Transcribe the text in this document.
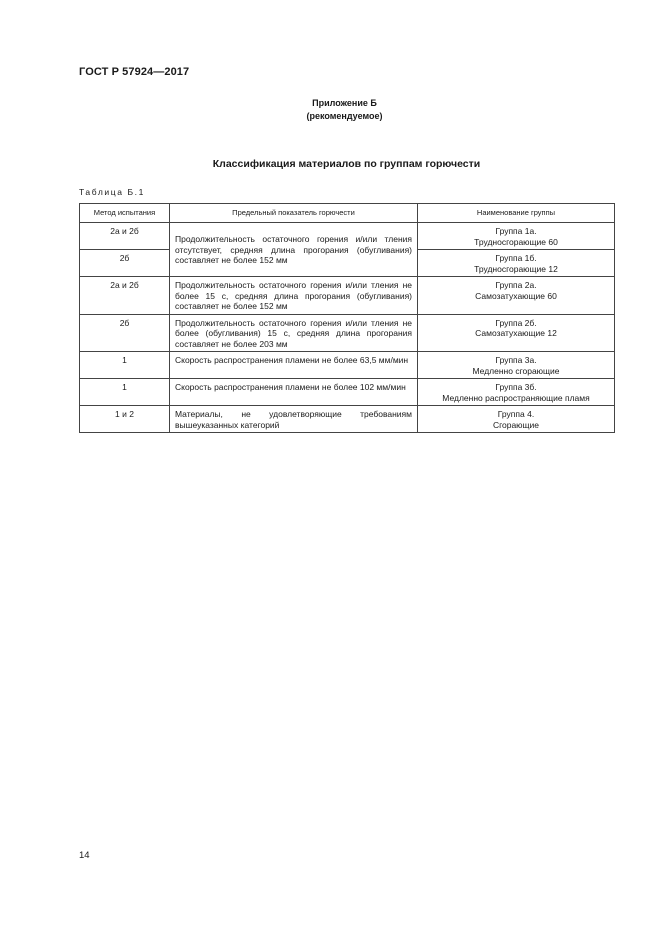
ГОСТ Р 57924—2017
Приложение Б
(рекомендуемое)
Классификация материалов по группам горючести
Таблица Б.1
Метод испытания	Предельный показатель горючести	Наименование группы
2а и 2б	Продолжительность остаточного горения и/или тления отсутствует, средняя длина прогорания (обугливания) составляет не более 152 мм	Группа 1а.
Трудносгорающие 60

2б		Группа 1б.
Трудносгорающие 12

2а и 2б	Продолжительность остаточного горения и/или тления не более 15 с, средняя длина прогорания (обугливания) составляет не более 152 мм	Группа 2а.
Самозатухающие 60

2б	Продолжительность остаточного горения и/или тления не более (обугливания) 15 с, средняя длина прогорания составляет не более 203 мм	Группа 2б.
Самозатухающие 12

1	Скорость распространения пламени не более 63,5 мм/мин	Группа 3а.
Медленно сгорающие

1	Скорость распространения пламени не более 102 мм/мин	Группа 3б.
Медленно распространяющие пламя

1 и 2	Материалы, не удовлетворяющие требованиям вышеуказанных категорий	Группа 4.
Сгорающие
14
